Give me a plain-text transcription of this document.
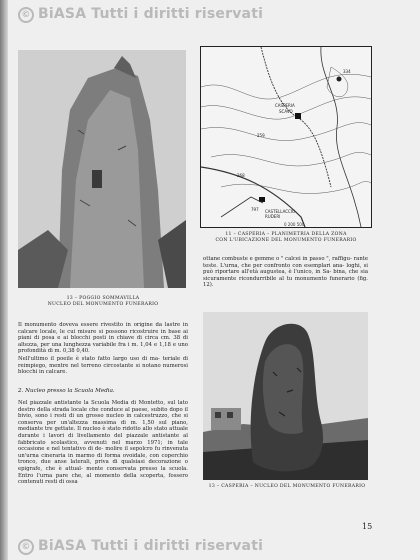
© BiASA Tutti i diritti riservati
13 – POGGIO SOMMAVILLA
NUCLEO DEL MONUMENTO FUNERARIO
CASPERIA
SCAVO
259
268
334
797 CASTELLACCIO
RUDERI
0 200 500
11 – CASPERIA – PLANIMETRIA DELLA ZONA
CON L'UBICAZIONE DEL MONUMENTO FUNERARIO

ottane combuste e gemme o " calcei in passo ", raffigu- rante teste. L'urna, che per confronto con esemplari ana- loghi, si può riportare all'età augustea, è l'unico, in Sa- bina, che sia sicuramente ricondurribile al tu monumento funerario (fig. 12).

Il monumento doveva essere rivestito in origine da lastre in calcare locale, le cui misure si possono ricostruire in base ai piani di posa e ai blocchi posti in chiave di circa cm. 38 di altezza, per una lunghezza variabile fra i m. 1,04 e 1,18 e uno profondità di m. 0,38 0,40.

Nell'ultimo il poeile è stato fatto largo uso di ma- teriale di reimpiego, mentre nel terreno circostante si notano numerosi blocchi in calcare.

2. Nucleo presso la Scuola Media.

Nel piazzale antistante la Scuola Media di Montetto, sul lato destro della strada locale che conduce al paese, subito dopo il bivio, sono i resti di un grosso nucleo in calcestruzzo, che si conserva per un'altezza massima di m. 1,50 sul piano, mediante tre gettate. Il nucleo è stato ridotto allo stato attuale durante i lavori di livellamento del piazzale antistante al fabbricato scolastico, avvenuti nel marzo 1971; in tale occasione e nel tentativo di de- molire il sepolcro fu rinvenuta un'urna cineraria in marmo di forma ovoidale, con coperchio tronco, due anse laterali, priva di qualsiasi decorazione o epigrafe, che è attual- mente conservata presso la scuola. Entro l'urna pare che, al momento della scoperta, fossero contenuti resti di ossa

13 – CASPERIA – NUCLEO DEL MONUMENTO FUNERARIO
15
© BiASA Tutti i diritti riservati
